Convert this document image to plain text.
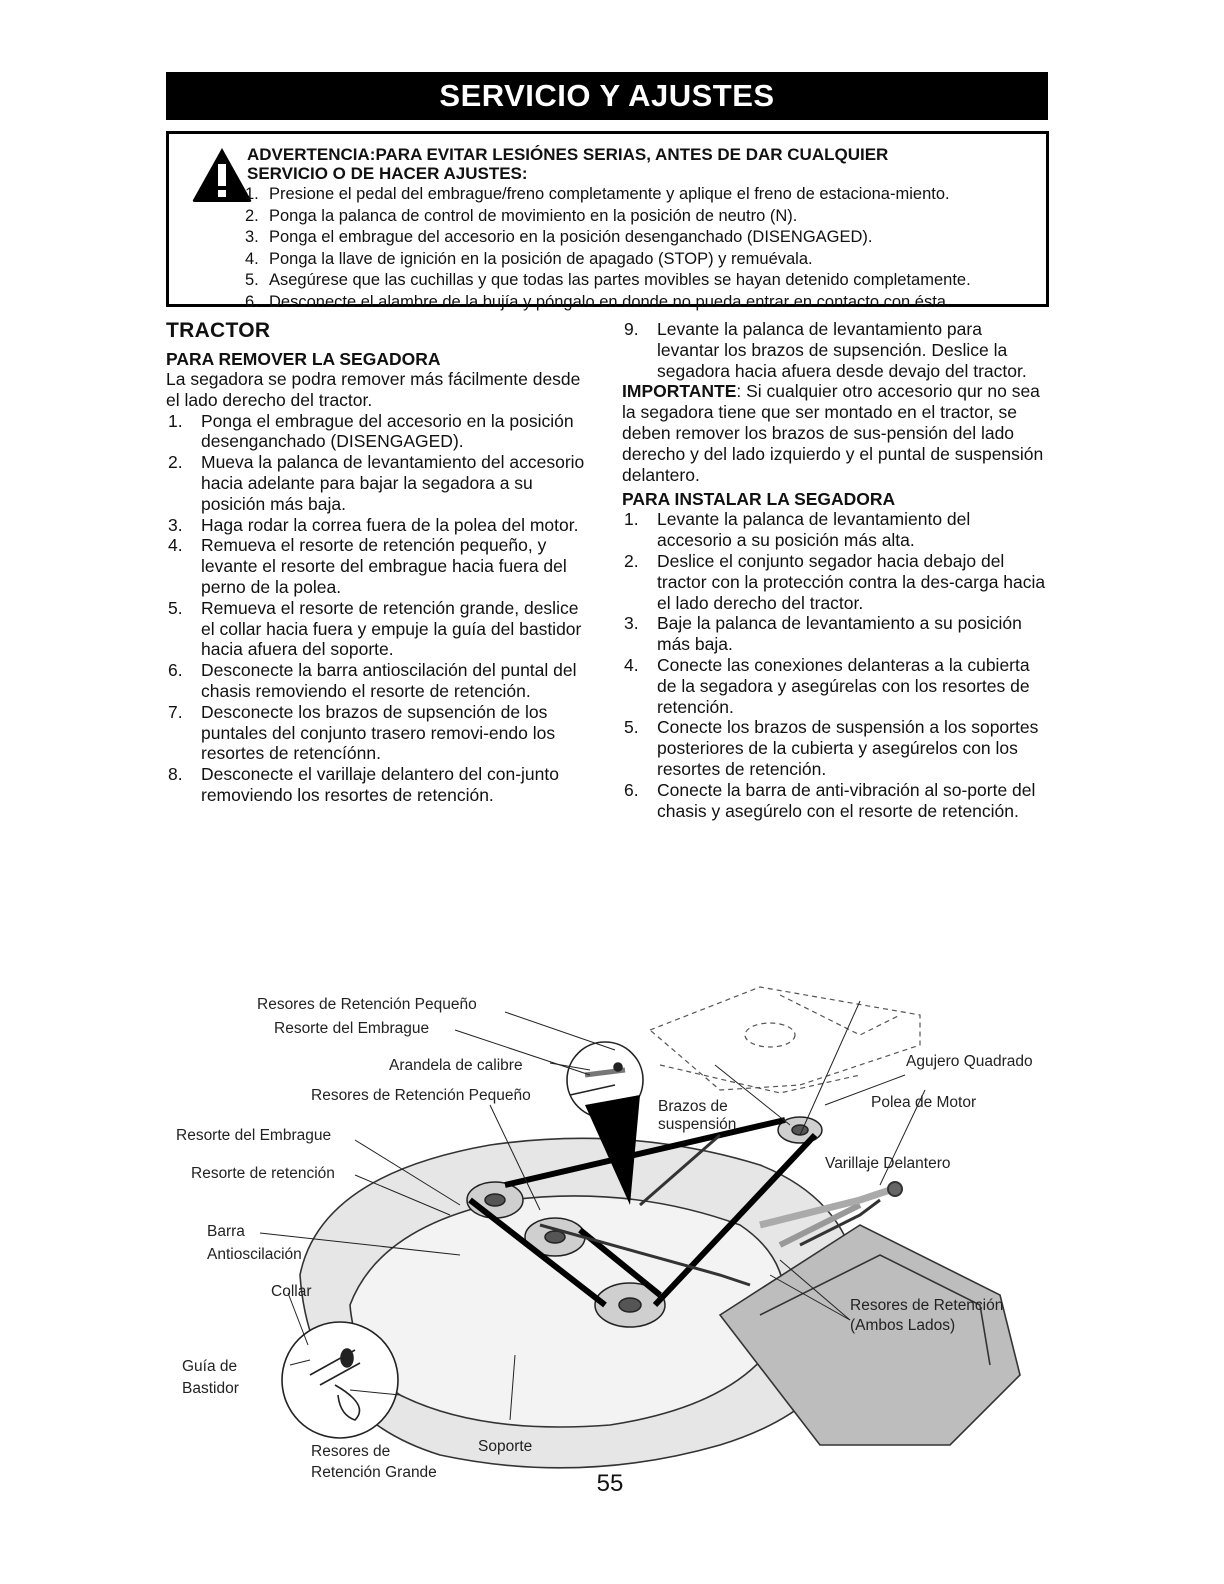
SERVICIO Y AJUSTES
ADVERTENCIA:PARA EVITAR LESIÓNES SERIAS, ANTES DE DAR CUALQUIER
SERVICIO O DE HACER AJUSTES:
1. Presione el pedal del embrague/freno completamente y aplique el freno de estaciona-miento.
2. Ponga la palanca de control de movimiento en la posición de neutro (N).
3. Ponga el embrague del accesorio en la posición desenganchado (DISENGAGED).
4. Ponga la llave de ignición en la posición de apagado (STOP) y remuévala.
5. Asegúrese que las cuchillas y que todas las partes movibles se hayan detenido completamente.
6. Desconecte el alambre de la bujía y póngalo en donde no pueda entrar en contacto con ésta.
TRACTOR
PARA REMOVER LA SEGADORA

La segadora se podra remover más fácilmente desde el lado derecho del tractor.

1. Ponga el embrague del accesorio en la posición desenganchado (DISENGAGED).
2. Mueva la palanca de levantamiento del accesorio hacia adelante para bajar la segadora a su posición más baja.
3. Haga rodar la correa fuera de la polea del motor.
4. Remueva el resorte de retención pequeño, y levante el resorte del embrague hacia fuera del perno de la polea.
5. Remueva el resorte de retención grande, deslice el collar hacia fuera y empuje la guía del bastidor hacia afuera del soporte.
6. Desconecte la barra antioscilación del puntal del chasis removiendo el resorte de retención.
7. Desconecte los brazos de supsención de los puntales del conjunto trasero removi-endo los resortes de retencíónn.
8. Desconecte el varillaje delantero del con-junto removiendo los resortes de retención.
9. Levante la palanca de levantamiento para levantar los brazos de supsención. Deslice la segadora hacia afuera desde devajo del tractor.

IMPORTANTE: Si cualquier otro accesorio qur no sea la segadora tiene que ser montado en el tractor, se deben remover los brazos de sus-pensión del lado derecho y del lado izquierdo y el puntal de suspensión delantero.

PARA INSTALAR LA SEGADORA
1. Levante la palanca de levantamiento del accesorio a su posición más alta.
2. Deslice el conjunto segador hacia debajo del tractor con la protección contra la des-carga hacia el lado derecho del tractor.
3. Baje la palanca de levantamiento a su posición más baja.
4. Conecte las conexiones delanteras a la cubierta de la segadora y asegúrelas con los resortes de retención.
5. Conecte los brazos de suspensión a los soportes posteriores de la cubierta y asegúrelos con los resortes de retención.
6. Conecte la barra de anti-vibración al so-porte del chasis y asegúrelo con el resorte de retención.
Resores de Retención Pequeño
Resorte del Embrague
Arandela de calibre
Resores de Retención Pequeño
Resorte del Embrague
Resorte de retención
Barra
Antioscilación
Collar
Guía de
Bastidor
Resores de
Retención Grande
Soporte
Agujero Quadrado
Brazos de
suspensión
Polea de Motor
Varillaje Delantero
Resores de Retención
(Ambos Lados)
55
